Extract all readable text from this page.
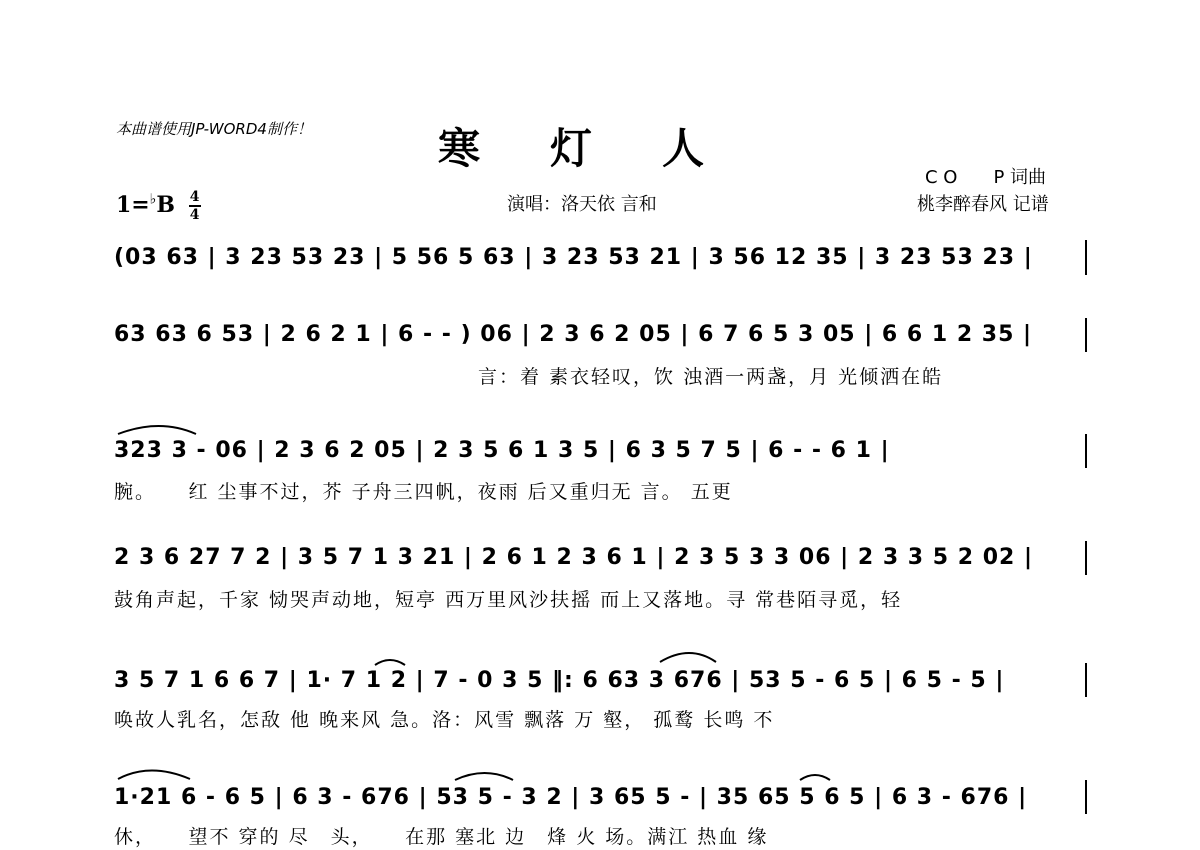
本曲谱使用JP-WORD4制作！	寒灯人
$1=^♭B \frac{4}{4}$	演唱：洛天依 言和
C O　　P 词曲
桃李醉春风 记谱
(03 63 | 3 23 53 23 | 5 56 5 63 | 3 23 53 21 | 3 56 12 35 | 3 23 53 23 |
63 63 6 53 | 2 6 2 1 | 6 - - ) 06 | 2 3 6 2 05 | 6 7 6 5 3 05 | 6 6 1 2 35 |
言：着 素衣轻叹，饮 浊酒一两盏，月 光倾洒在皓
323 3 - 06 | 2 3 6 2 05 | 2 3 5 6 1 3 5 | 6 3 5 7 5 | 6 - - 6 1 |
腕。　　红 尘事不过，芥 子舟三四帆，夜雨 后又重归无 言。 五更
2 3 6 27 7 2 | 3 5 7 1 3 21 | 2 6 1 2 3 6 1 | 2 3 5 3 3 06 | 2 3 3 5 2 02 |
鼓角声起，千家 恸哭声动地，短亭 西万里风沙扶摇 而上又落地。寻 常巷陌寻觅，轻
3 5 7 1 6 6 7 | 1· 7 1 2 | 7 - 0 3 5 ‖: 6 63 3 676 | 53 5 - 6 5 | 6 5 - 5 |
唤故人乳名，怎敌 他 晚来风 急。洛：风雪 飘落 万 壑， 孤鹜 长鸣 不
1·21 6 - 6 5 | 6 3 - 676 | 53 5 - 3 2 | 3 65 5 - | 35 65 5 6 5 | 6 3 - 676 |
休，　　望不 穿的 尽　头，　　在那 塞北 边　烽 火 场。满江 热血 缘
